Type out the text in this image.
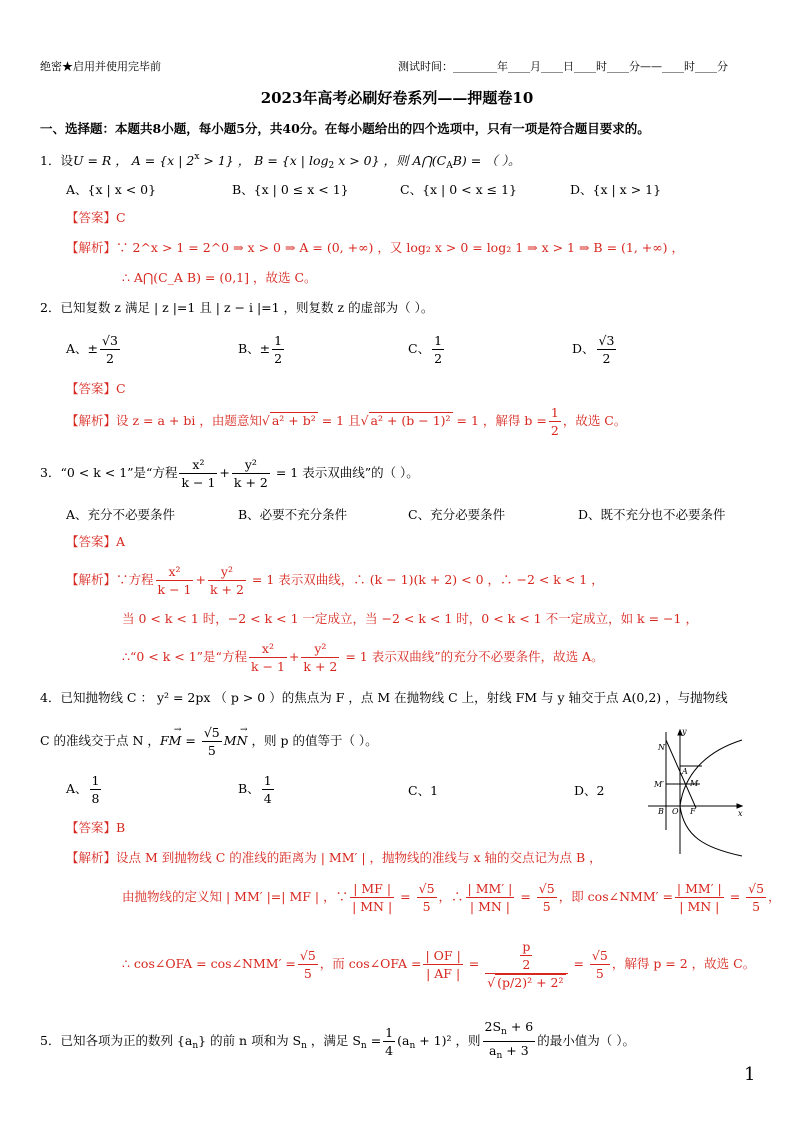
绝密★启用并使用完毕前	测试时间：________年____月____日____时____分——____时____分
2023年高考必刷好卷系列——押题卷10
一、选择题：本题共8小题，每小题5分，共40分。在每小题给出的四个选项中，只有一项是符合题目要求的。
1．设U = R ， A = {x | $2^x > 1$} ， B = {x | $\log_2 x > 0$} ，则 $A⋂(C_AB)$ = （ ）。
A、{x | x < 0}	B、{x | 0 ≤ x < 1}	C、{x | 0 < x ≤ 1}	D、{x | x > 1}
【答案】C
【解析】∵ 2^x > 1 = 2^0 ⇒ x > 0 ⇒ A = (0, +∞) ，又 log₂ x > 0 = log₂ 1 ⇒ x > 1 ⇒ B = (1, +∞) ，
∴ A⋂(C_A B) = (0,1] ，故选 C。
2．已知复数 z 满足 | z |=1 且 | z − i |=1 ，则复数 z 的虚部为（ ）。
A、± $\frac{√3}{2}$	B、± $\frac{1}{2}$	C、 $\frac{1}{2}$	D、 $\frac{√3}{2}$
【答案】C
【解析】设 z = a + bi ，由题意知√ a² + b² = 1 且√ a² + (b − 1)² = 1 ，解得 $b = \frac{1}{2}$ ，故选 C。
3．“0 < k < 1”是“方程 $\frac{\text{x²}}{k - 1} + \frac{\text{y²}}{k + 2} = 1$ 表示双曲线”的（ ）。
A、充分不必要条件	B、必要不充分条件	C、充分必要条件	D、既不充分也不必要条件
【答案】A
【解析】∵方程 $\frac{\text{x²}}{k - 1} + \frac{\text{y²}}{k + 2} = 1$ 表示双曲线，∴ (k − 1)(k + 2) < 0 ，∴ −2 < k < 1 ，
当 0 < k < 1 时，−2 < k < 1 一定成立，当 −2 < k < 1 时，0 < k < 1 不一定成立，如 k = −1 ，
∴“0 < k < 1”是“方程 $\frac{\text{x²}}{k - 1} + \frac{\text{y²}}{k + 2} = 1$ 表示双曲线”的充分不必要条件，故选 A。
4．已知抛物线 C ： y² = 2px （ p > 0 ）的焦点为 F ，点 M 在抛物线 C 上，射线 FM 与 y 轴交于点 A(0,2) ，与抛物线
C 的准线交于点 N ，
→
FM = $\frac{√5}{5}$	→
MN ，则 p 的值等于（ ）。
A、 $\frac{1}{8}$	B、 $\frac{1}{4}$	C、1	D、2
y
x
N
A
M
M′
B O F
【答案】B
【解析】设点 M 到抛物线 C 的准线的距离为 | MM′ | ，抛物线的准线与 x 轴的交点记为点 B ，
由抛物线的定义知 | MM′ |=| MF | ，∵ $\frac{| MF |}{| MN |} = \frac{√5}{5}$ ，∴ $\frac{| MM' |}{| MN |} = \frac{√5}{5}$ ，即 cos∠NMM′ = $\frac{| MM' |}{| MN |} = \frac{√5}{5}$ ，
∴ cos∠OFA = cos∠NMM′ = $\frac{√5}{5}$ ，而 cos∠OFA = $\frac{| OF |}{| AF |} = \frac{\frac{p}{2}}{\text{√ (p/2)² + 2²}} = \frac{√5}{5}$ ，解得 p = 2 ，故选 C。
5．已知各项为正的数列 $\{a_n\}$ 的前 n 项和为 $S_n$ ，满足 $S_n = \frac{1}{4} (a_n + 1)^2$ ，则 $\frac{2S_n + 6}{a_n + 3}$ 的最小值为（ ）。
1
